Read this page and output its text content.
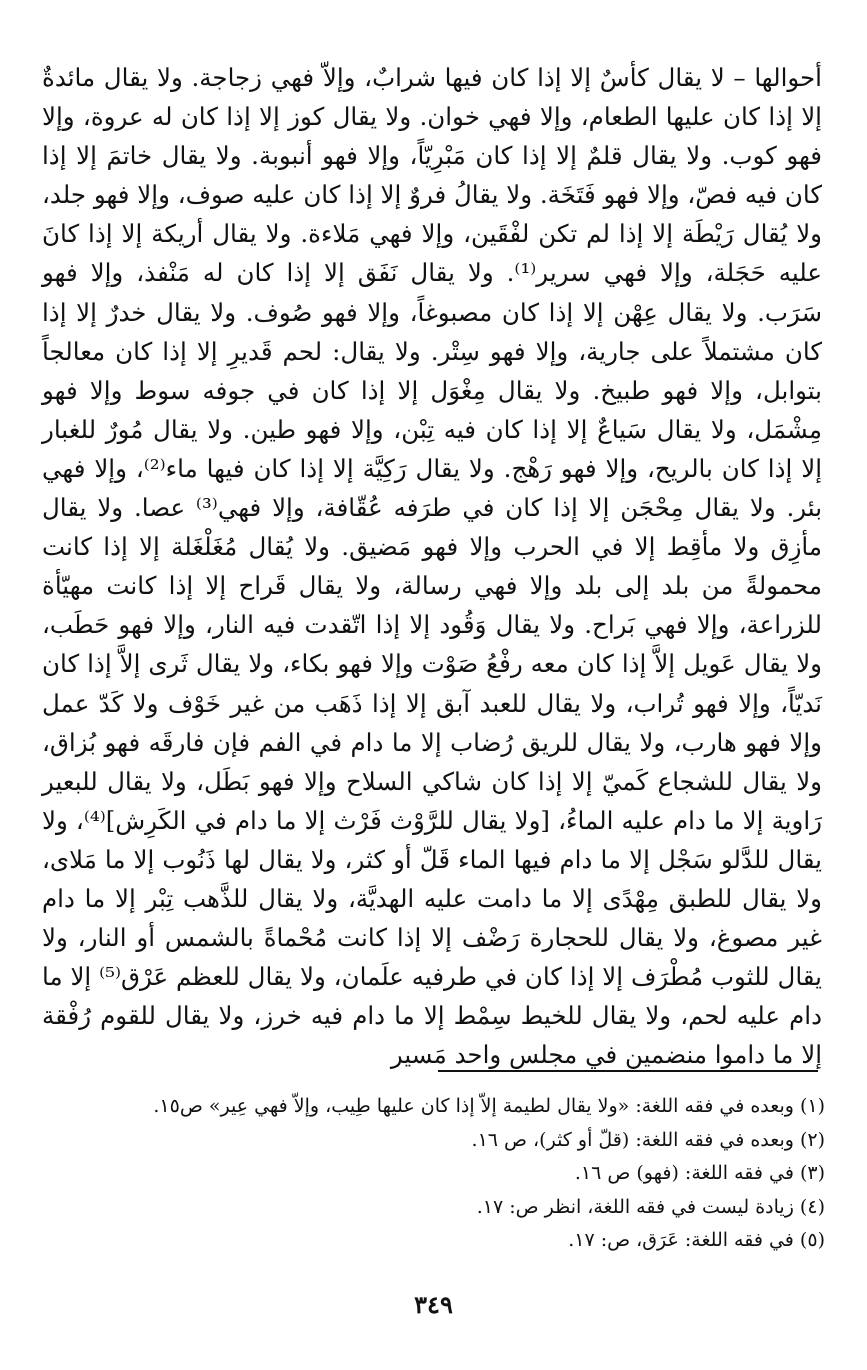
أحوالها – لا يقال كأسٌ إلا إذا كان فيها شرابٌ، وإلاّ فهي زجاجة. ولا يقال مائدةٌ إلا إذا كان عليها الطعام، وإلا فهي خوان. ولا يقال كوز إلا إذا كان له عروة، وإلا فهو كوب. ولا يقال قلمٌ إلا إذا كان مَبْرِيّاً، وإلا فهو أنبوبة. ولا يقال خاتمَ إلا إذا كان فيه فصّ، وإلا فهو فَتَخَة. ولا يقالُ فروٌ إلا إذا كان عليه صوف، وإلا فهو جلد، ولا يُقال رَيْطَة إلا إذا لم تكن لفْقَين، وإلا فهي مَلاءة. ولا يقال أريكة إلا إذا كانَ عليه حَجَلة، وإلا فهي سرير⁽¹⁾. ولا يقال نَفَق إلا إذا كان له مَنْفذ، وإلا فهو سَرَب. ولا يقال عِهْن إلا إذا كان مصبوغاً، وإلا فهو صُوف. ولا يقال خدرٌ إلا إذا كان مشتملاً على جارية، وإلا فهو سِتْر. ولا يقال: لحم قَديرِ إلا إذا كان معالجاً بتوابل، وإلا فهو طبيخ. ولا يقال مِغْوَل إلا إذا كان في جوفه سوط وإلا فهو مِشْمَل، ولا يقال سَياعٌ إلا إذا كان فيه تِبْن، وإلا فهو طين. ولا يقال مُورٌ للغبار إلا إذا كان بالريح، وإلا فهو رَهْج. ولا يقال رَكِيَّة إلا إذا كان فيها ماء⁽²⁾، وإلا فهي بئر. ولا يقال مِحْجَن إلا إذا كان في طرَفه عُقّافة، وإلا فهي⁽³⁾ عصا. ولا يقال مأزِق ولا مأقِط إلا في الحرب وإلا فهو مَضيق. ولا يُقال مُغَلْغَلة إلا إذا كانت محمولةً من بلد إلى بلد وإلا فهي رسالة، ولا يقال قَراح إلا إذا كانت مهيّأة للزراعة، وإلا فهي بَراح. ولا يقال وَقُود إلا إذا اتّقدت فيه النار، وإلا فهو حَطَب، ولا يقال عَويل إلاَّ إذا كان معه رفْعُ صَوْت وإلا فهو بكاء، ولا يقال ثَرى إلاَّ إذا كان نَديّاً، وإلا فهو تُراب، ولا يقال للعبد آبق إلا إذا ذَهَب من غير خَوْف ولا كَدّ عمل وإلا فهو هارب، ولا يقال للريق رُضاب إلا ما دام في الفم فإن فارقَه فهو بُزاق، ولا يقال للشجاع كَميّ إلا إذا كان شاكي السلاح وإلا فهو بَطَل، ولا يقال للبعير رَاوية إلا ما دام عليه الماءُ، [ولا يقال للرَّوْث فَرْث إلا ما دام في الكَرِش]⁽⁴⁾، ولا يقال للدَّلو سَجْل إلا ما دام فيها الماء قَلّ أو كثر، ولا يقال لها ذَنُوب إلا ما مَلاى، ولا يقال للطبق مِهْدًى إلا ما دامت عليه الهديَّة، ولا يقال للذَّهب تِبْر إلا ما دام غير مصوغ، ولا يقال للحجارة رَضْف إلا إذا كانت مُحْماةً بالشمس أو النار، ولا يقال للثوب مُطْرَف إلا إذا كان في طرفيه علَمان، ولا يقال للعظم عَرْق⁽⁵⁾ إلا ما دام عليه لحم، ولا يقال للخيط سِمْط إلا ما دام فيه خرز، ولا يقال للقوم رُفْقة إلا ما داموا منضمين في مجلس واحد مَسير

(١) وبعده في فقه اللغة: «ولا يقال لطيمة إلاّ إذا كان عليها طِيب، وإلاّ فهي عِير» ص١٥.

(٢) وبعده في فقه اللغة: (قلّ أو كثر)، ص ١٦.

(٣) في فقه اللغة: (فهو) ص ١٦.

(٤) زيادة ليست في فقه اللغة، انظر ص: ١٧.

(٥) في فقه اللغة: عَرَق، ص: ١٧.

٣٤٩
